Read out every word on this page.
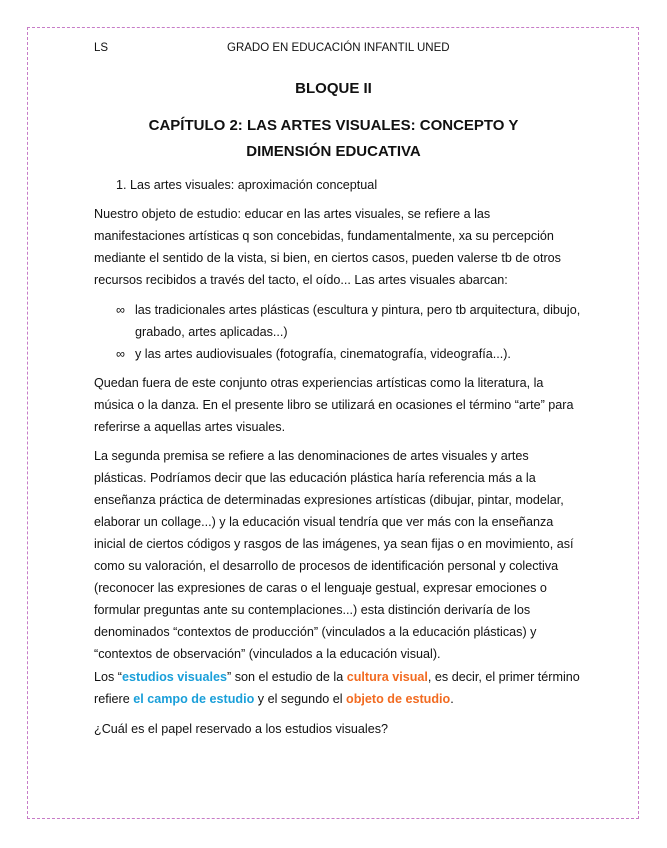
LS	GRADO EN EDUCACIÓN INFANTIL UNED
BLOQUE II
CAPÍTULO 2: LAS ARTES VISUALES: CONCEPTO Y
DIMENSIÓN EDUCATIVA
1. Las artes visuales: aproximación conceptual
Nuestro objeto de estudio: educar en las artes visuales, se refiere a las
manifestaciones artísticas q son concebidas, fundamentalmente, xa su percepción
mediante el sentido de la vista, si bien, en ciertos casos, pueden valerse tb de otros
recursos recibidos a través del tacto, el oído... Las artes visuales abarcan:
∞ las tradicionales artes plásticas (escultura y pintura, pero tb arquitectura, dibujo,
grabado, artes aplicadas...)
∞ y las artes audiovisuales (fotografía, cinematografía, videografía...).
Quedan fuera de este conjunto otras experiencias artísticas como la literatura, la
música o la danza. En el presente libro se utilizará en ocasiones el término “arte” para
referirse a aquellas artes visuales.
La segunda premisa se refiere a las denominaciones de artes visuales y artes
plásticas. Podríamos decir que las educación plástica haría referencia más a la
enseñanza práctica de determinadas expresiones artísticas (dibujar, pintar, modelar,
elaborar un collage...) y la educación visual tendría que ver más con la enseñanza
inicial de ciertos códigos y rasgos de las imágenes, ya sean fijas o en movimiento, así
como su valoración, el desarrollo de procesos de identificación personal y colectiva
(reconocer las expresiones de caras o el lenguaje gestual, expresar emociones o
formular preguntas ante su contemplaciones...) esta distinción derivaría de los
denominados “contextos de producción” (vinculados a la educación plásticas) y
“contextos de observación” (vinculados a la educación visual).
Los “estudios visuales” son el estudio de la cultura visual, es decir, el primer término
refiere el campo de estudio y el segundo el objeto de estudio.
¿Cuál es el papel reservado a los estudios visuales?
